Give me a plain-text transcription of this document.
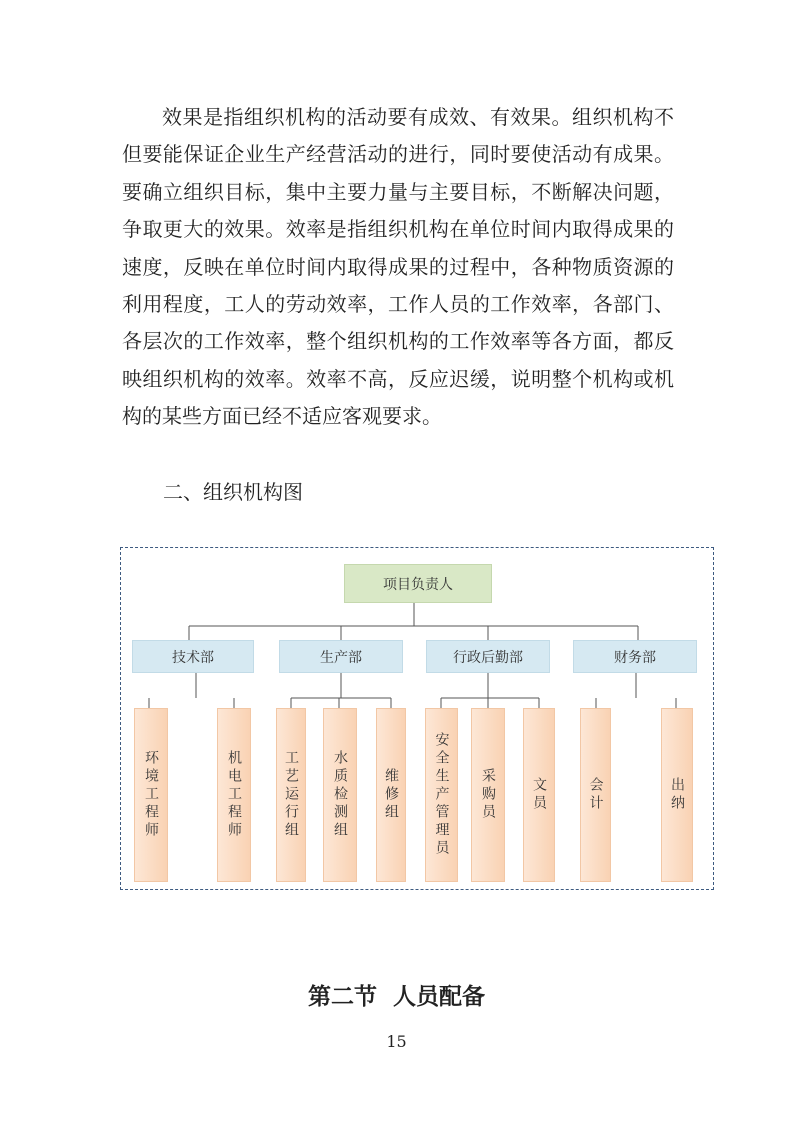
效果是指组织机构的活动要有成效、有效果。组织机构不但要能保证企业生产经营活动的进行，同时要使活动有成果。要确立组织目标，集中主要力量与主要目标，不断解决问题，争取更大的效果。效率是指组织机构在单位时间内取得成果的速度，反映在单位时间内取得成果的过程中，各种物质资源的利用程度，工人的劳动效率，工作人员的工作效率，各部门、各层次的工作效率，整个组织机构的工作效率等各方面，都反映组织机构的效率。效率不高，反应迟缓，说明整个机构或机构的某些方面已经不适应客观要求。

二、组织机构图

项目负责人
技术部	生产部	行政后勤部	财务部
环境工程师	机电工程师	工艺运行组	水质检测组	维修组	安全生产管理员	采购员	文员	会计	出纳

第二节  人员配备

15
